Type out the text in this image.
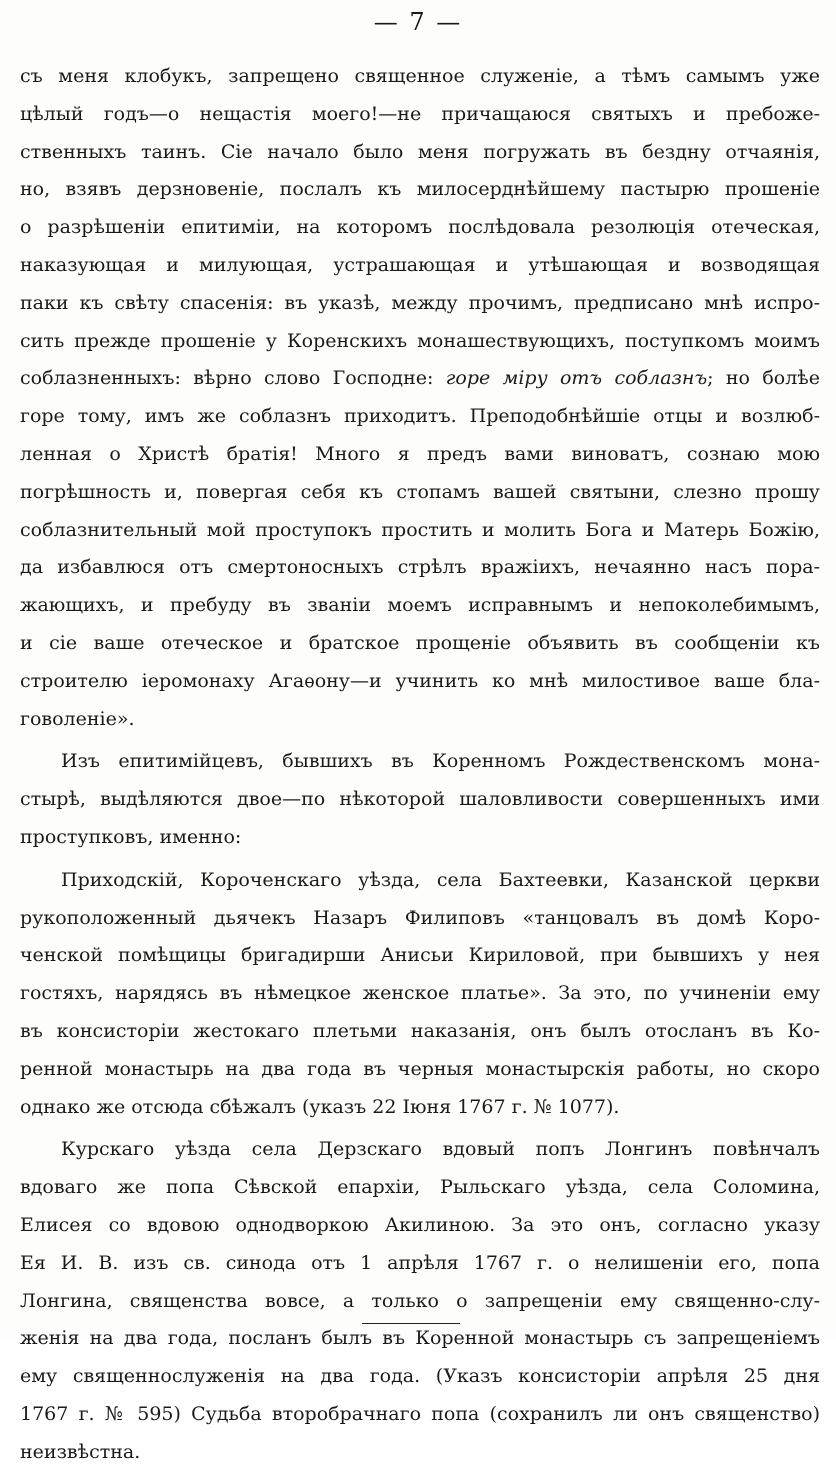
— 7 —
съ меня клобукъ, запрещено священное служеніе, а тѣмъ самымъ уже
цѣлый годъ—о нещастія моего!—не причащаюся святыхъ и пребоже-
ственныхъ таинъ. Сіе начало было меня погружать въ бездну отчаянія,
но, взявъ дерзновеніе, послалъ къ милосерднѣйшему пастырю прошеніе
о разрѣшеніи епитиміи, на которомъ послѣдовала резолюція отеческая,
наказующая и милующая, устрашающая и утѣшающая и возводящая
паки къ свѣту спасенія: въ указѣ, между прочимъ, предписано мнѣ испро-
сить прежде прошеніе у Коренскихъ монашествующихъ, поступкомъ моимъ
соблазненныхъ: вѣрно слово Господне: горе міру отъ соблазнъ; но болѣе
горе тому, имъ же соблазнъ приходитъ. Преподобнѣйшіе отцы и возлюб-
ленная о Христѣ братія! Много я предъ вами виноватъ, сознаю мою
погрѣшность и, повергая себя къ стопамъ вашей святыни, слезно прошу
соблазнительный мой проступокъ простить и молить Бога и Матерь Божію,
да избавлюся отъ смертоносныхъ стрѣлъ вражіихъ, нечаянно насъ пора-
жающихъ, и пребуду въ званіи моемъ исправнымъ и непоколебимымъ,
и сіе ваше отеческое и братское прощеніе объявить въ сообщеніи къ
строителю іеромонаху Агаѳону—и учинить ко мнѣ милостивое ваше бла-
говоленіе».
Изъ епитимійцевъ, бывшихъ въ Коренномъ Рождественскомъ мона-
стырѣ, выдѣляются двое—по нѣкоторой шаловливости совершенныхъ ими
проступковъ, именно:
Приходскій, Короченскаго уѣзда, села Бахтеевки, Казанской церкви
рукоположенный дьячекъ Назаръ Филиповъ «танцовалъ въ домѣ Коро-
ченской помѣщицы бригадирши Анисьи Кириловой, при бывшихъ у нея
гостяхъ, нарядясь въ нѣмецкое женское платье». За это, по учиненіи ему
въ консисторіи жестокаго плетьми наказанія, онъ былъ отосланъ въ Ко-
ренной монастырь на два года въ черныя монастырскія работы, но скоро
однако же отсюда сбѣжалъ (указъ 22 Іюня 1767 г. № 1077).
Курскаго уѣзда села Дерзскаго вдовый попъ Лонгинъ повѣнчалъ
вдоваго же попа Сѣвской епархіи, Рыльскаго уѣзда, села Соломина,
Елисея со вдовою однодворкою Акилиною. За это онъ, согласно указу
Ея И. В. изъ св. синода отъ 1 апрѣля 1767 г. о нелишеніи его, попа
Лонгина, священства вовсе, а только о запрещеніи ему священно-слу-
женія на два года, посланъ былъ въ Коренной монастырь съ запрещеніемъ
ему священнослуженія на два года. (Указъ консисторіи апрѣля 25 дня
1767 г. № 595) Судьба второбрачнаго попа (сохранилъ ли онъ священство)
неизвѣстна.
